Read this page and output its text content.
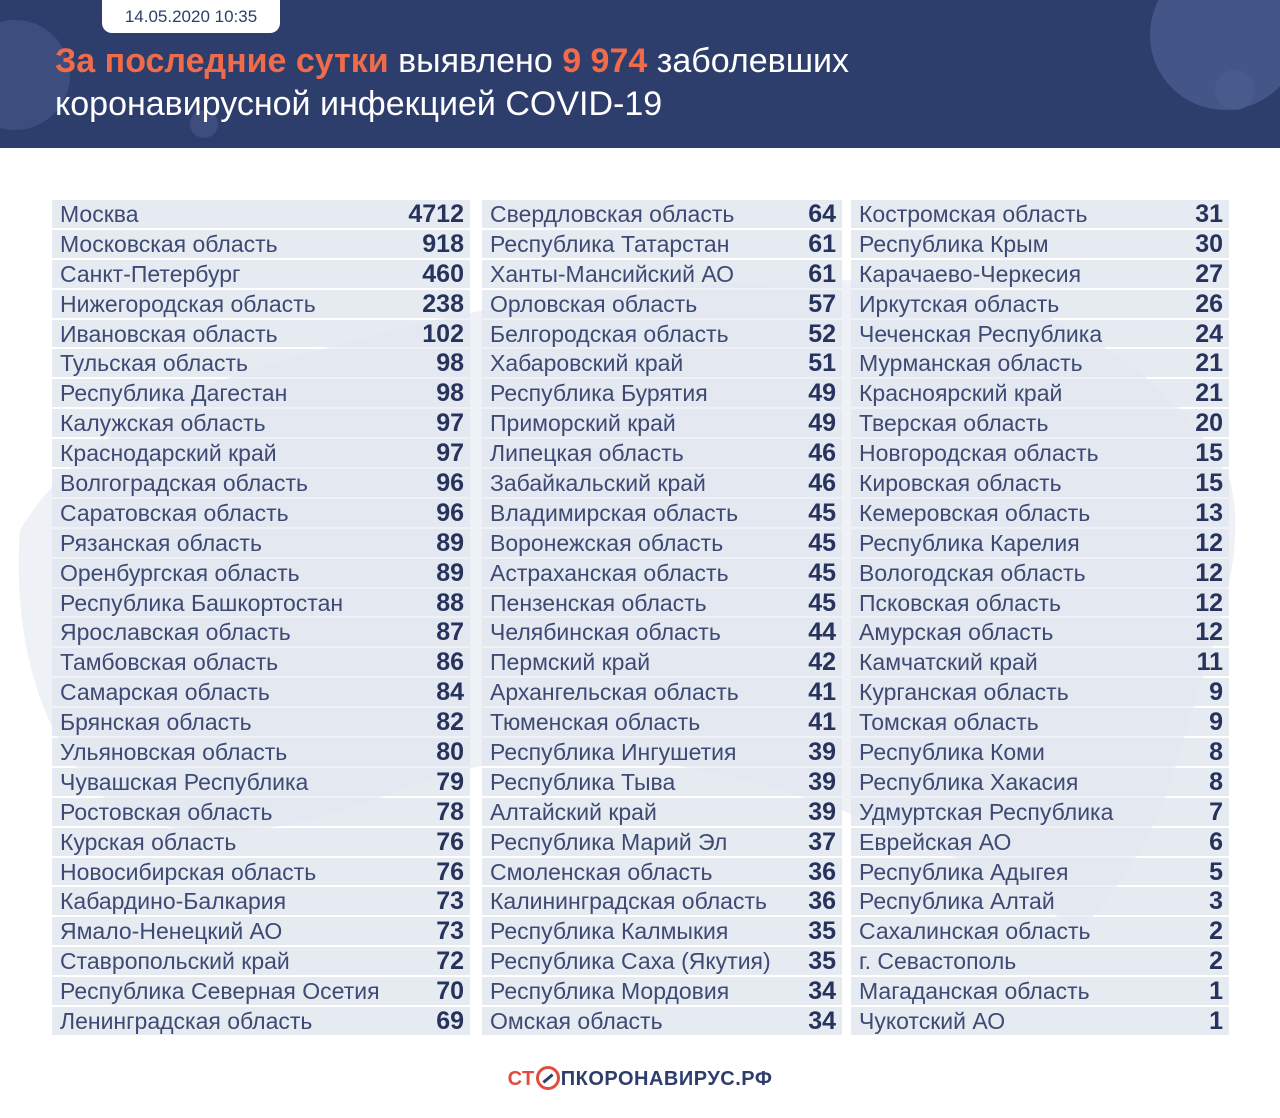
14.05.2020 10:35
За последние сутки выявлено 9 974 заболевших
коронавирусной инфекцией COVID-19
Москва	4712
Московская область	918
Санкт-Петербург	460
Нижегородская область	238
Ивановская область	102
Тульская область	98
Республика Дагестан	98
Калужская область	97
Краснодарский край	97
Волгоградская область	96
Саратовская область	96
Рязанская область	89
Оренбургская область	89
Республика Башкортостан	88
Ярославская область	87
Тамбовская область	86
Самарская область	84
Брянская область	82
Ульяновская область	80
Чувашская Республика	79
Ростовская область	78
Курская область	76
Новосибирская область	76
Кабардино-Балкария	73
Ямало-Ненецкий АО	73
Ставропольский край	72
Республика Северная Осетия 70
Ленинградская область	69
Свердловская область	64
Республика Татарстан	61
Ханты-Мансийский АО	61
Орловская область	57
Белгородская область	52
Хабаровский край	51
Республика Бурятия	49
Приморский край	49
Липецкая область	46
Забайкальский край	46
Владимирская область	45
Воронежская область	45
Астраханская область	45
Пензенская область	45
Челябинская область	44
Пермский край	42
Архангельская область	41
Тюменская область	41
Республика Ингушетия	39
Республика Тыва	39
Алтайский край	39
Республика Марий Эл	37
Смоленская область	36
Калининградская область 36
Республика Калмыкия	35
Республика Саха (Якутия) 35
Республика Мордовия	34
Омская область	34
Костромская область	31
Республика Крым	30
Карачаево-Черкесия	27
Иркутская область	26
Чеченская Республика	24
Мурманская область	21
Красноярский край	21
Тверская область	20
Новгородская область	15
Кировская область	15
Кемеровская область	13
Республика Карелия	12
Вологодская область	12
Псковская область	12
Амурская область	12
Камчатский край	11
Курганская область	9
Томская область	9
Республика Коми	8
Республика Хакасия	8
Удмуртская Республика	7
Еврейская АО	6
Республика Адыгея	5
Республика Алтай	3
Сахалинская область	2
г. Севастополь	2
Магаданская область	1
Чукотский АО	1
СТ ПКОРОНАВИРУС.РФ
